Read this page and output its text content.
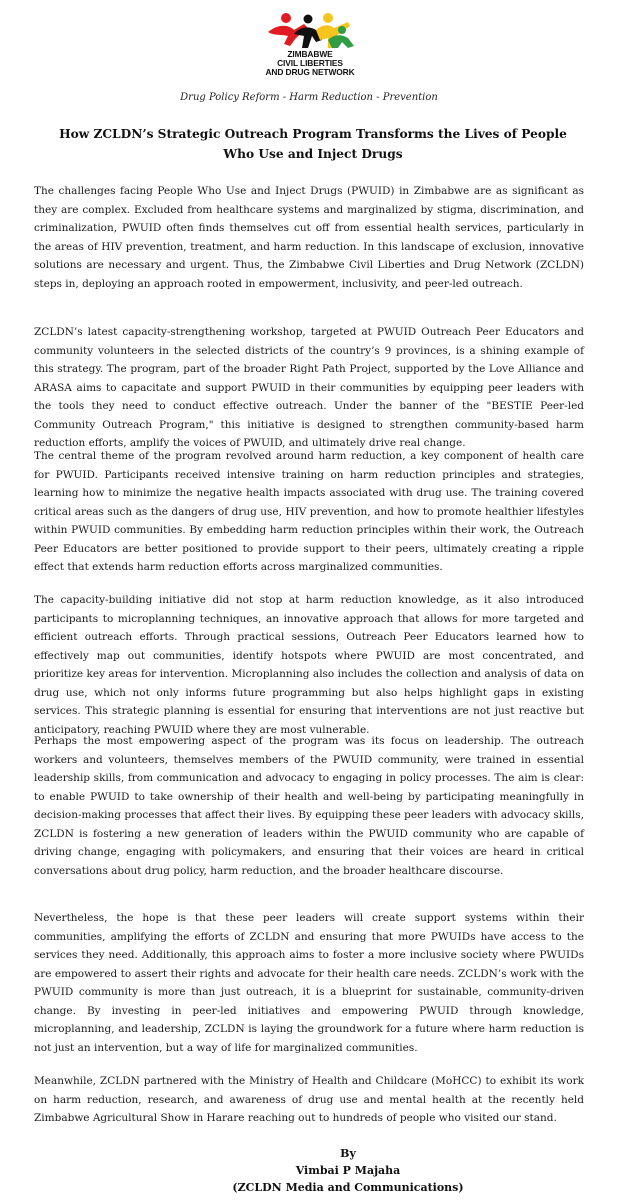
ZIMBABWE
CIVIL LIBERTIES
AND DRUG NETWORK
Drug Policy Reform - Harm Reduction - Prevention
How ZCLDN’s Strategic Outreach Program Transforms the Lives of People Who Use and Inject Drugs
The challenges facing People Who Use and Inject Drugs (PWUID) in Zimbabwe are as significant as they are complex. Excluded from healthcare systems and marginalized by stigma, discrimination, and criminalization, PWUID often finds themselves cut off from essential health services, particularly in the areas of HIV prevention, treatment, and harm reduction. In this landscape of exclusion, innovative solutions are necessary and urgent. Thus, the Zimbabwe Civil Liberties and Drug Network (ZCLDN) steps in, deploying an approach rooted in empowerment, inclusivity, and peer-led outreach.
ZCLDN’s latest capacity-strengthening workshop, targeted at PWUID Outreach Peer Educators and community volunteers in the selected districts of the country’s 9 provinces, is a shining example of this strategy. The program, part of the broader Right Path Project, supported by the Love Alliance and ARASA aims to capacitate and support PWUID in their communities by equipping peer leaders with the tools they need to conduct effective outreach. Under the banner of the "BESTIE Peer-led Community Outreach Program," this initiative is designed to strengthen community-based harm reduction efforts, amplify the voices of PWUID, and ultimately drive real change.
The central theme of the program revolved around harm reduction, a key component of health care for PWUID. Participants received intensive training on harm reduction principles and strategies, learning how to minimize the negative health impacts associated with drug use. The training covered critical areas such as the dangers of drug use, HIV prevention, and how to promote healthier lifestyles within PWUID communities. By embedding harm reduction principles within their work, the Outreach Peer Educators are better positioned to provide support to their peers, ultimately creating a ripple effect that extends harm reduction efforts across marginalized communities.
The capacity-building initiative did not stop at harm reduction knowledge, as it also introduced participants to microplanning techniques, an innovative approach that allows for more targeted and efficient outreach efforts. Through practical sessions, Outreach Peer Educators learned how to effectively map out communities, identify hotspots where PWUID are most concentrated, and prioritize key areas for intervention. Microplanning also includes the collection and analysis of data on drug use, which not only informs future programming but also helps highlight gaps in existing services. This strategic planning is essential for ensuring that interventions are not just reactive but anticipatory, reaching PWUID where they are most vulnerable.
Perhaps the most empowering aspect of the program was its focus on leadership. The outreach workers and volunteers, themselves members of the PWUID community, were trained in essential leadership skills, from communication and advocacy to engaging in policy processes. The aim is clear: to enable PWUID to take ownership of their health and well-being by participating meaningfully in decision-making processes that affect their lives. By equipping these peer leaders with advocacy skills, ZCLDN is fostering a new generation of leaders within the PWUID community who are capable of driving change, engaging with policymakers, and ensuring that their voices are heard in critical conversations about drug policy, harm reduction, and the broader healthcare discourse.
Nevertheless, the hope is that these peer leaders will create support systems within their communities, amplifying the efforts of ZCLDN and ensuring that more PWUIDs have access to the services they need. Additionally, this approach aims to foster a more inclusive society where PWUIDs are empowered to assert their rights and advocate for their health care needs. ZCLDN’s work with the PWUID community is more than just outreach, it is a blueprint for sustainable, community-driven change. By investing in peer-led initiatives and empowering PWUID through knowledge, microplanning, and leadership, ZCLDN is laying the groundwork for a future where harm reduction is not just an intervention, but a way of life for marginalized communities.
Meanwhile, ZCLDN partnered with the Ministry of Health and Childcare (MoHCC) to exhibit its work on harm reduction, research, and awareness of drug use and mental health at the recently held Zimbabwe Agricultural Show in Harare reaching out to hundreds of people who visited our stand.
By
Vimbai P Majaha
(ZCLDN Media and Communications)
